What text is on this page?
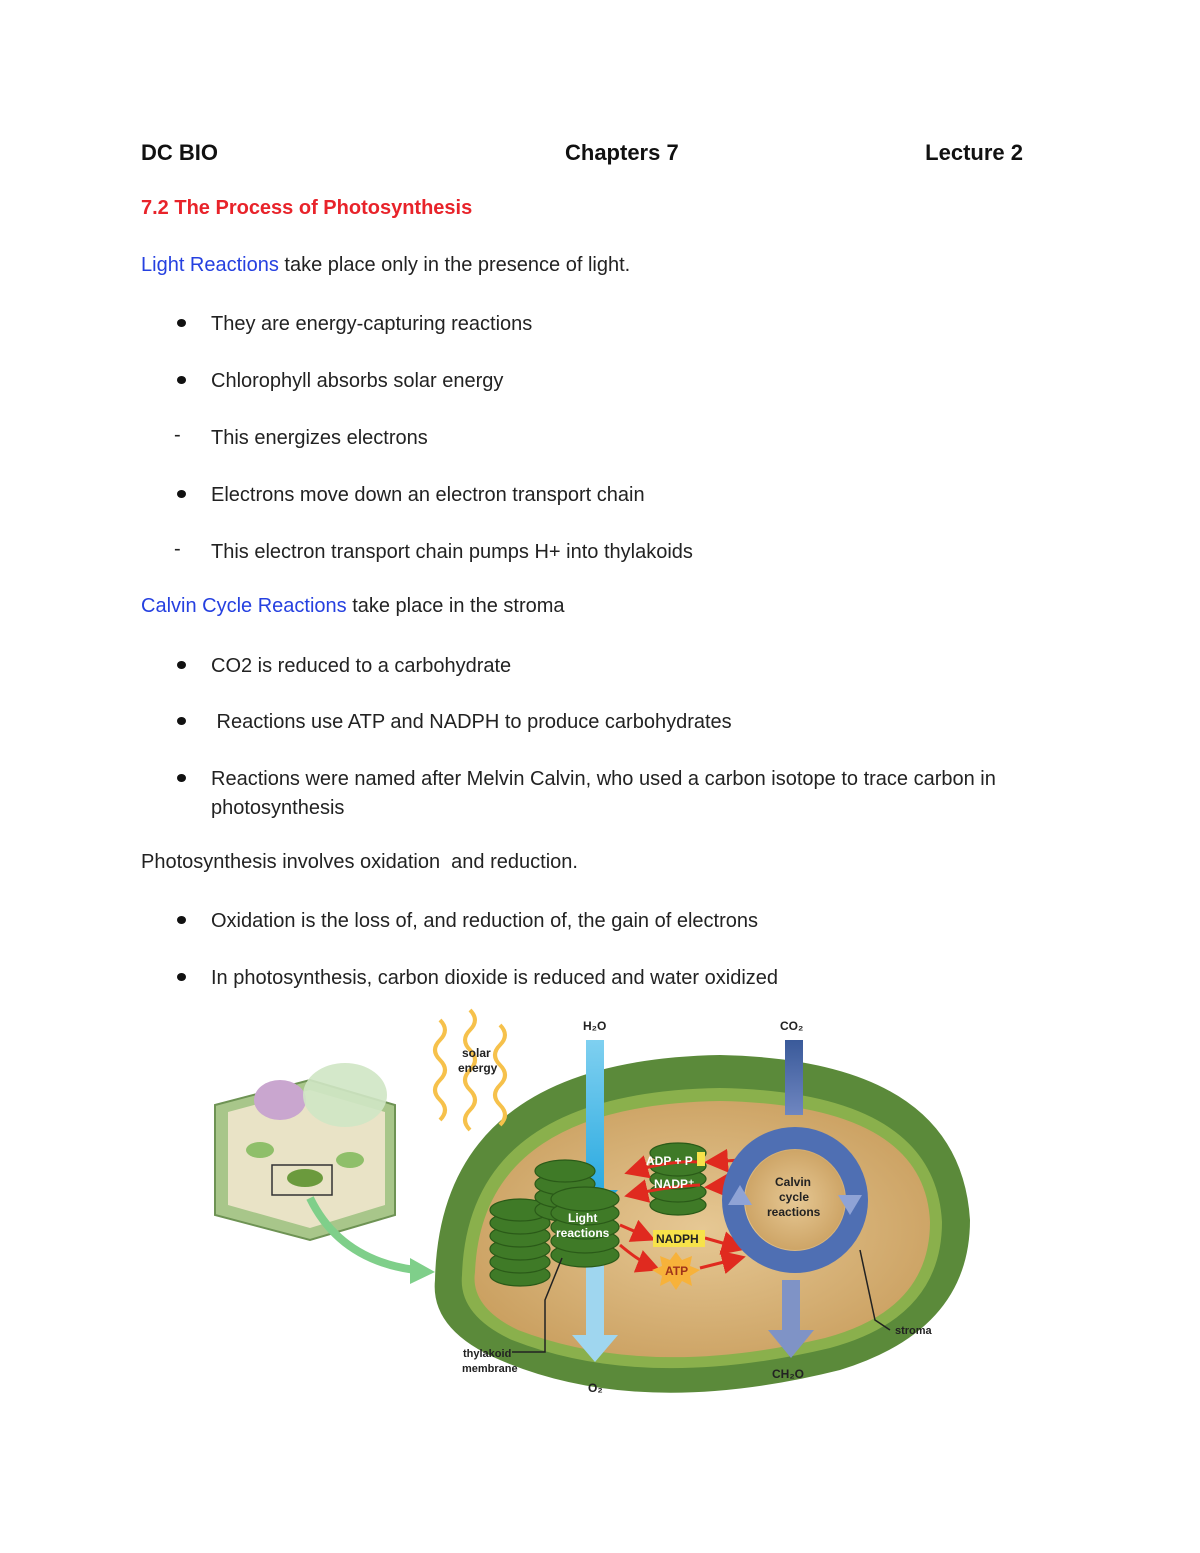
DC BIO	Chapters 7	Lecture 2
7.2 The Process of Photosynthesis
Light Reactions take place only in the presence of light.
They are energy-capturing reactions
Chlorophyll absorbs solar energy
-	This energizes electrons
Electrons move down an electron transport chain
-	This electron transport chain pumps H+ into thylakoids
Calvin Cycle Reactions take place in the stroma
CO2 is reduced to a carbohydrate
Reactions use ATP and NADPH to produce carbohydrates
Reactions were named after Melvin Calvin, who used a carbon isotope to trace carbon in photosynthesis
Photosynthesis involves oxidation  and reduction.
Oxidation is the loss of, and reduction of, the gain of electrons
In photosynthesis, carbon dioxide is reduced and water oxidized
solar
energy
H₂O
O₂
CO₂
CH₂O
Light
reactions
ADP + P
NADP⁺
NADPH
ATP
Calvin
cycle
reactions
thylakoid
membrane
stroma
